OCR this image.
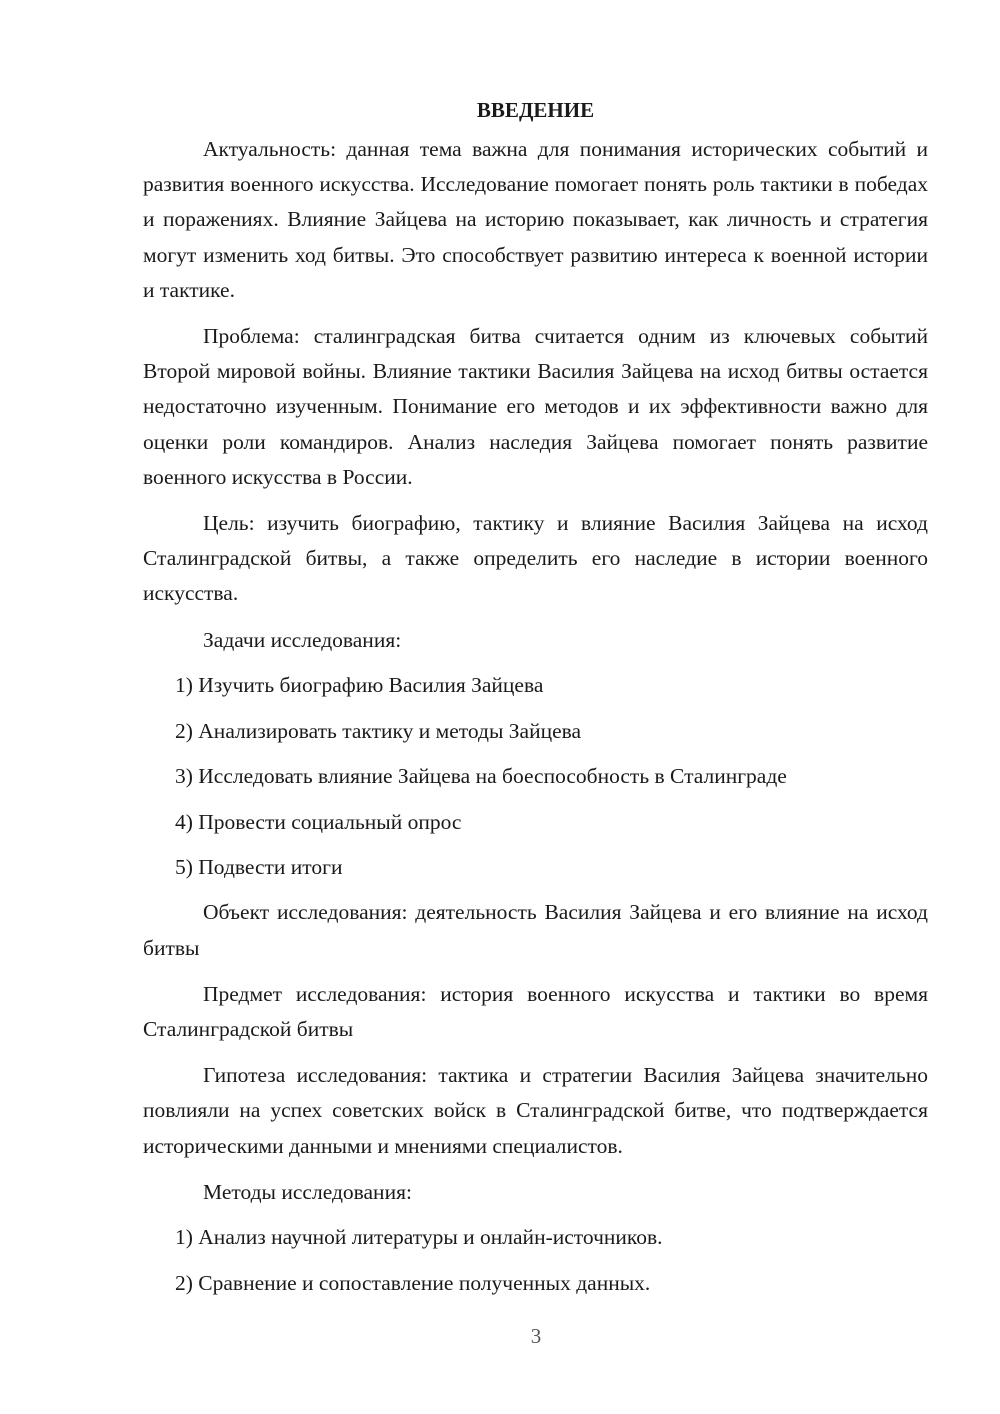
ВВЕДЕНИЕ

Актуальность: данная тема важна для понимания исторических событий и развития военного искусства. Исследование помогает понять роль тактики в победах и поражениях. Влияние Зайцева на историю показывает, как личность и стратегия могут изменить ход битвы. Это способствует развитию интереса к военной истории и тактике.

Проблема: сталинградская битва считается одним из ключевых событий Второй мировой войны. Влияние тактики Василия Зайцева на исход битвы остается недостаточно изученным. Понимание его методов и их эффективности важно для оценки роли командиров. Анализ наследия Зайцева помогает понять развитие военного искусства в России.

Цель: изучить биографию, тактику и влияние Василия Зайцева на исход Сталинградской битвы, а также определить его наследие в истории военного искусства.

Задачи исследования:
1) Изучить биографию Василия Зайцева
2) Анализировать тактику и методы Зайцева
3) Исследовать влияние Зайцева на боеспособность в Сталинграде
4) Провести социальный опрос
5) Подвести итоги

Объект исследования: деятельность Василия Зайцева и его влияние на исход битвы

Предмет исследования: история военного искусства и тактики во время Сталинградской битвы

Гипотеза исследования: тактика и стратегии Василия Зайцева значительно повлияли на успех советских войск в Сталинградской битве, что подтверждается историческими данными и мнениями специалистов.

Методы исследования:
1) Анализ научной литературы и онлайн-источников.
2) Сравнение и сопоставление полученных данных.
3
